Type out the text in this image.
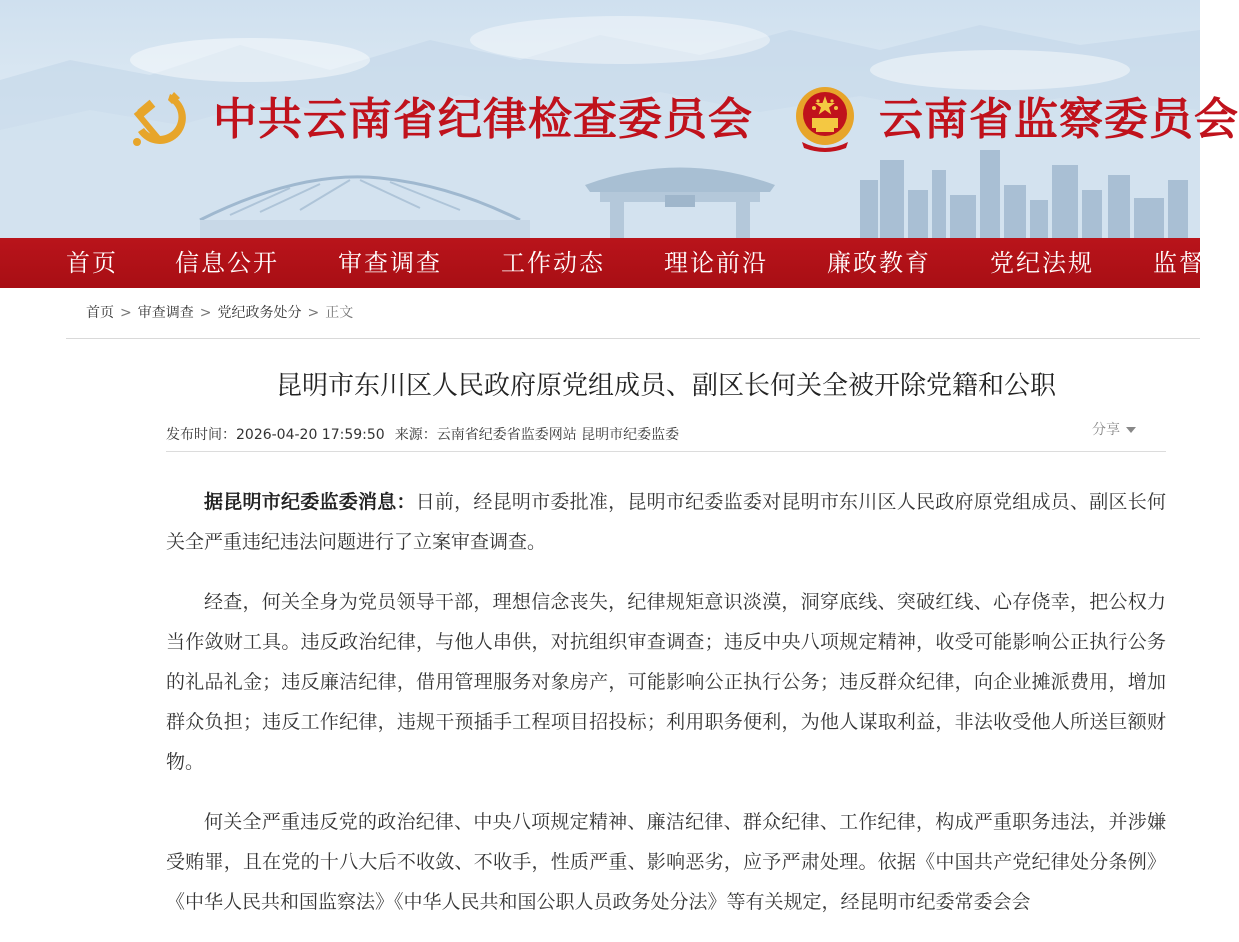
中共云南省纪律检查委员会	云南省监察委员会
首页 信息公开 审查调查 工作动态 理论前沿 廉政教育 党纪法规 监督
首页 > 审查调查 > 党纪政务处分 > 正文
昆明市东川区人民政府原党组成员、副区长何关全被开除党籍和公职
发布时间：2026-04-20 17:59:50 来源：云南省纪委省监委网站 昆明市纪委监委	分享

据昆明市纪委监委消息：日前，经昆明市委批准，昆明市纪委监委对昆明市东川区人民政府原党组成员、副区长何关全严重违纪违法问题进行了立案审查调查。

经查，何关全身为党员领导干部，理想信念丧失，纪律规矩意识淡漠，洞穿底线、突破红线、心存侥幸，把公权力当作敛财工具。违反政治纪律，与他人串供，对抗组织审查调查；违反中央八项规定精神，收受可能影响公正执行公务的礼品礼金；违反廉洁纪律，借用管理服务对象房产，可能影响公正执行公务；违反群众纪律，向企业摊派费用，增加群众负担；违反工作纪律，违规干预插手工程项目招投标；利用职务便利，为他人谋取利益，非法收受他人所送巨额财物。

何关全严重违反党的政治纪律、中央八项规定精神、廉洁纪律、群众纪律、工作纪律，构成严重职务违法，并涉嫌受贿罪，且在党的十八大后不收敛、不收手，性质严重、影响恶劣，应予严肃处理。依据《中国共产党纪律处分条例》《中华人民共和国监察法》《中华人民共和国公职人员政务处分法》等有关规定，经昆明市纪委常委会会
